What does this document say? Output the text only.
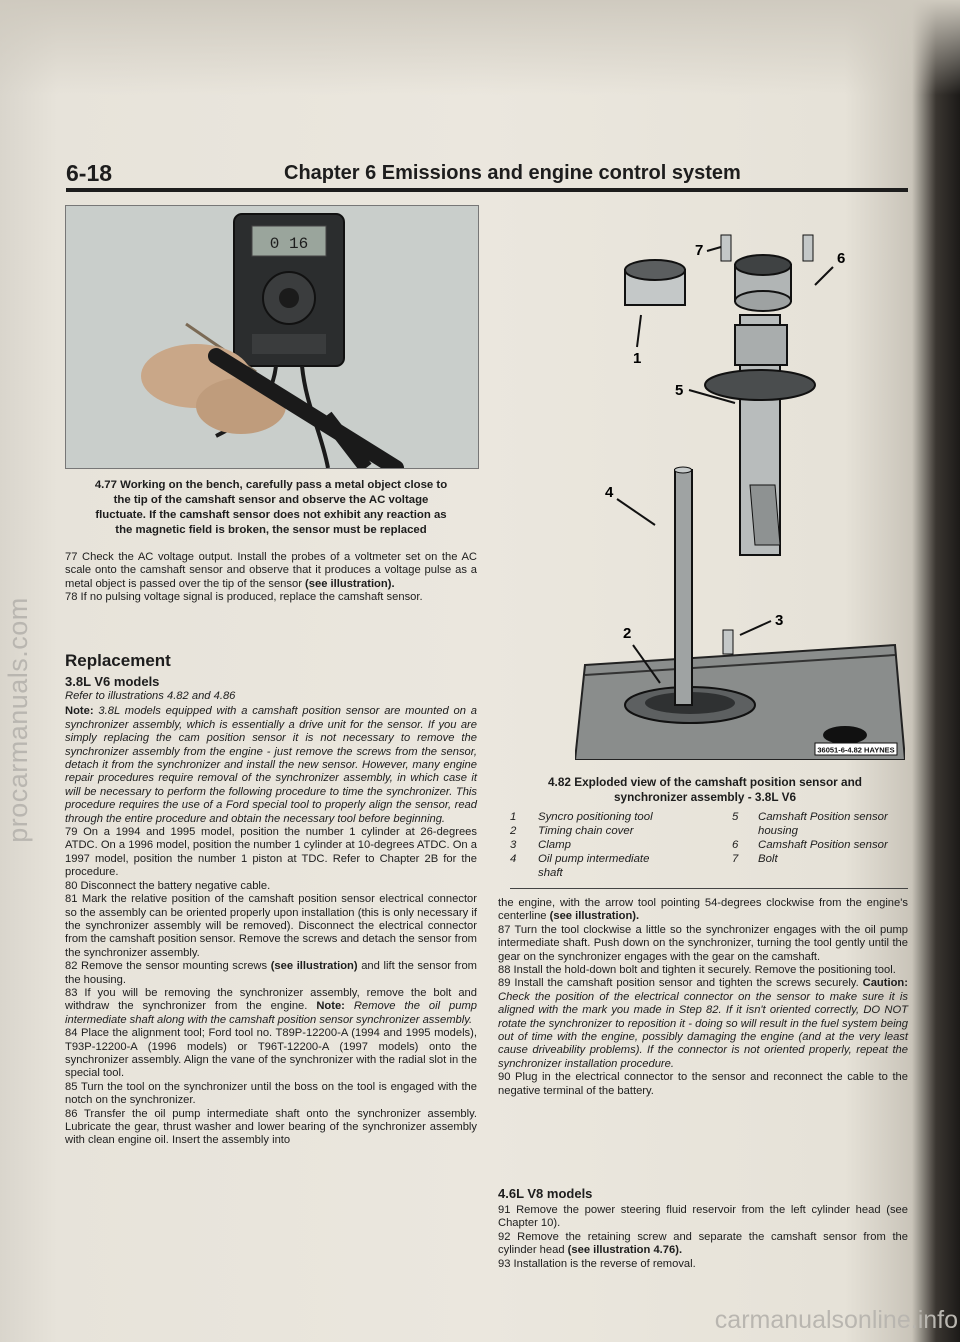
procarmanuals.com
carmanualsonline.info
6-18	Chapter 6 Emissions and engine control system
0 16
4.77 Working on the bench, carefully pass a metal object close to
the tip of the camshaft sensor and observe the AC voltage
fluctuate. If the camshaft sensor does not exhibit any reaction as
the magnetic field is broken, the sensor must be replaced

77 Check the AC voltage output. Install the probes of a voltmeter set on the AC scale onto the camshaft sensor and observe that it produces a voltage pulse as a metal object is passed over the tip of the sensor (see illustration).

78 If no pulsing voltage signal is produced, replace the camshaft sensor.

Replacement
3.8L V6 models

Refer to illustrations 4.82 and 4.86

Note: 3.8L models equipped with a camshaft position sensor are mounted on a synchronizer assembly, which is essentially a drive unit for the sensor. If you are simply replacing the cam position sensor it is not necessary to remove the synchronizer assembly from the engine - just remove the screws from the sensor, detach it from the synchronizer and install the new sensor. However, many engine repair procedures require removal of the synchronizer assembly, in which case it will be necessary to perform the following procedure to time the synchronizer. This procedure requires the use of a Ford special tool to properly align the sensor, read through the entire procedure and obtain the necessary tool before beginning.

79 On a 1994 and 1995 model, position the number 1 cylinder at 26-degrees ATDC. On a 1996 model, position the number 1 cylinder at 10-degrees ATDC. On a 1997 model, position the number 1 piston at TDC. Refer to Chapter 2B for the procedure.

80 Disconnect the battery negative cable.

81 Mark the relative position of the camshaft position sensor electrical connector so the assembly can be oriented properly upon installation (this is only necessary if the synchronizer assembly will be removed). Disconnect the electrical connector from the camshaft position sensor. Remove the screws and detach the sensor from the synchronizer assembly.

82 Remove the sensor mounting screws (see illustration) and lift the sensor from the housing.

83 If you will be removing the synchronizer assembly, remove the bolt and withdraw the synchronizer from the engine. Note: Remove the oil pump intermediate shaft along with the camshaft position sensor synchronizer assembly.

84 Place the alignment tool; Ford tool no. T89P-12200-A (1994 and 1995 models), T93P-12200-A (1996 models) or T96T-12200-A (1997 models) onto the synchronizer assembly. Align the vane of the synchronizer with the radial slot in the special tool.

85 Turn the tool on the synchronizer until the boss on the tool is engaged with the notch on the synchronizer.

86 Transfer the oil pump intermediate shaft onto the synchronizer assembly. Lubricate the gear, thrust washer and lower bearing of the synchronizer assembly with clean engine oil. Insert the assembly into

36051-6-4.82 HAYNES
7	6
1
5
4
2
3
4.82 Exploded view of the camshaft position sensor and
synchronizer assembly - 3.8L V6
1 Syncro positioning tool	5 Camshaft Position sensor
2 Timing chain cover	housing
3 Clamp	6 Camshaft Position sensor
4 Oil pump intermediate	7 Bolt
shaft

the engine, with the arrow tool pointing 54-degrees clockwise from the engine's centerline (see illustration).

87 Turn the tool clockwise a little so the synchronizer engages with the oil pump intermediate shaft. Push down on the synchronizer, turning the tool gently until the gear on the synchronizer engages with the gear on the camshaft.

88 Install the hold-down bolt and tighten it securely. Remove the positioning tool.

89 Install the camshaft position sensor and tighten the screws securely. Caution: Check the position of the electrical connector on the sensor to make sure it is aligned with the mark you made in Step 82. If it isn't oriented correctly, DO NOT rotate the synchronizer to reposition it - doing so will result in the fuel system being out of time with the engine, possibly damaging the engine (and at the very least cause driveability problems). If the connector is not oriented properly, repeat the synchronizer installation procedure.

90 Plug in the electrical connector to the sensor and reconnect the cable to the negative terminal of the battery.

4.6L V8 models

91 Remove the power steering fluid reservoir from the left cylinder head (see Chapter 10).

92 Remove the retaining screw and separate the camshaft sensor from the cylinder head (see illustration 4.76).

93 Installation is the reverse of removal.
